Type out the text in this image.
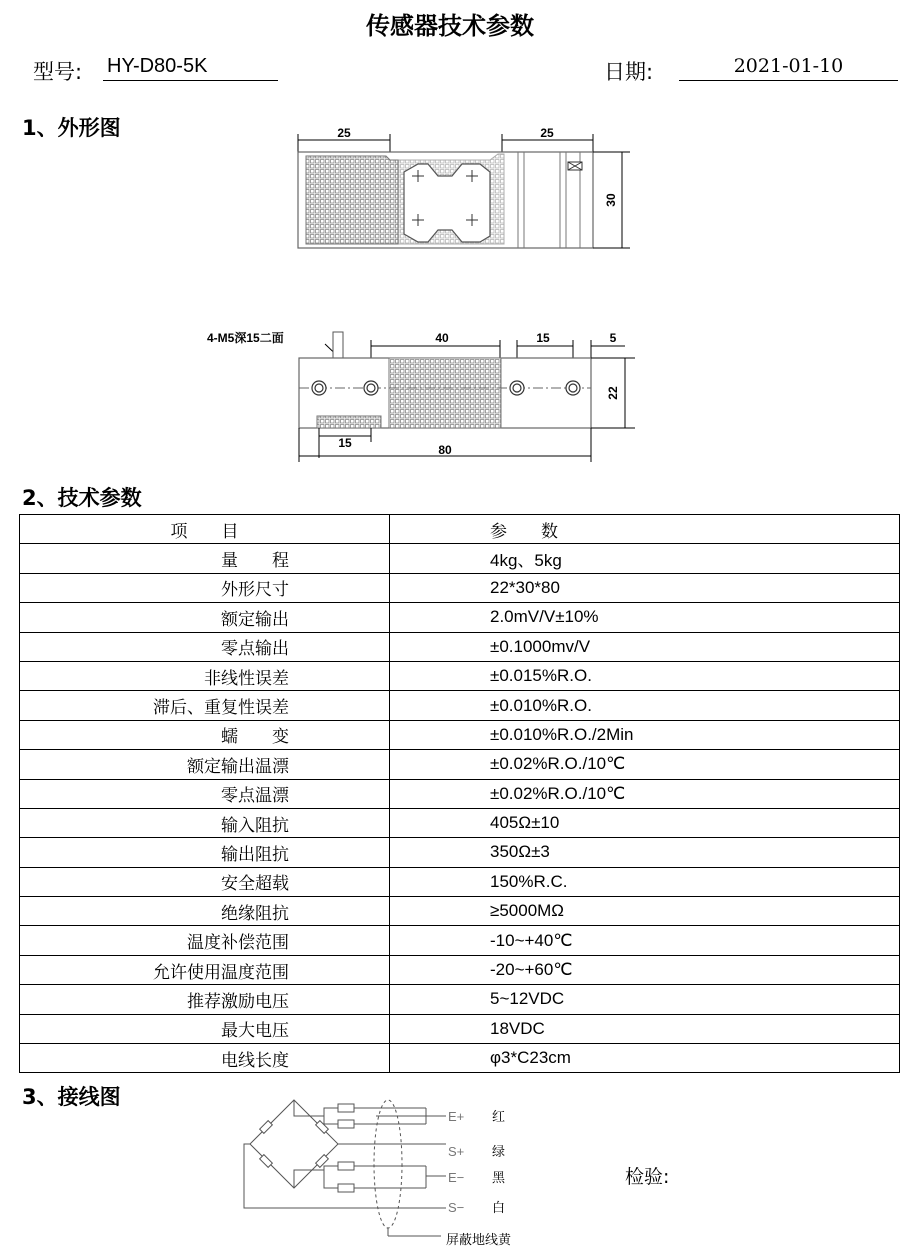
传感器技术参数
型号: HY-D80-5K	日期:	2021-01-10
1、外形图	25	25
30
4-M5深15二面	40	15	5
22
15	80
2、技术参数
项　　目	参　　数
量　　程	4kg、5kg
外形尺寸	22*30*80
额定输出	2.0mV/V±10%
零点输出	±0.1000mv/V
非线性误差	±0.015%R.O.
滞后、重复性误差	±0.010%R.O.
蠕　　变	±0.010%R.O./2Min
额定输出温漂	±0.02%R.O./10℃
零点温漂	±0.02%R.O./10℃
输入阻抗	405Ω±10
输出阻抗	350Ω±3
安全超载	150%R.C.
绝缘阻抗	≥5000MΩ
温度补偿范围	-10~+40℃
允许使用温度范围	-20~+60℃
推荐激励电压	5~12VDC
最大电压	18VDC
电线长度	φ3*C23cm
3、接线图
E+
S+
E−
S−
红
绿
黑
白
屏蔽地线黄
检验:
